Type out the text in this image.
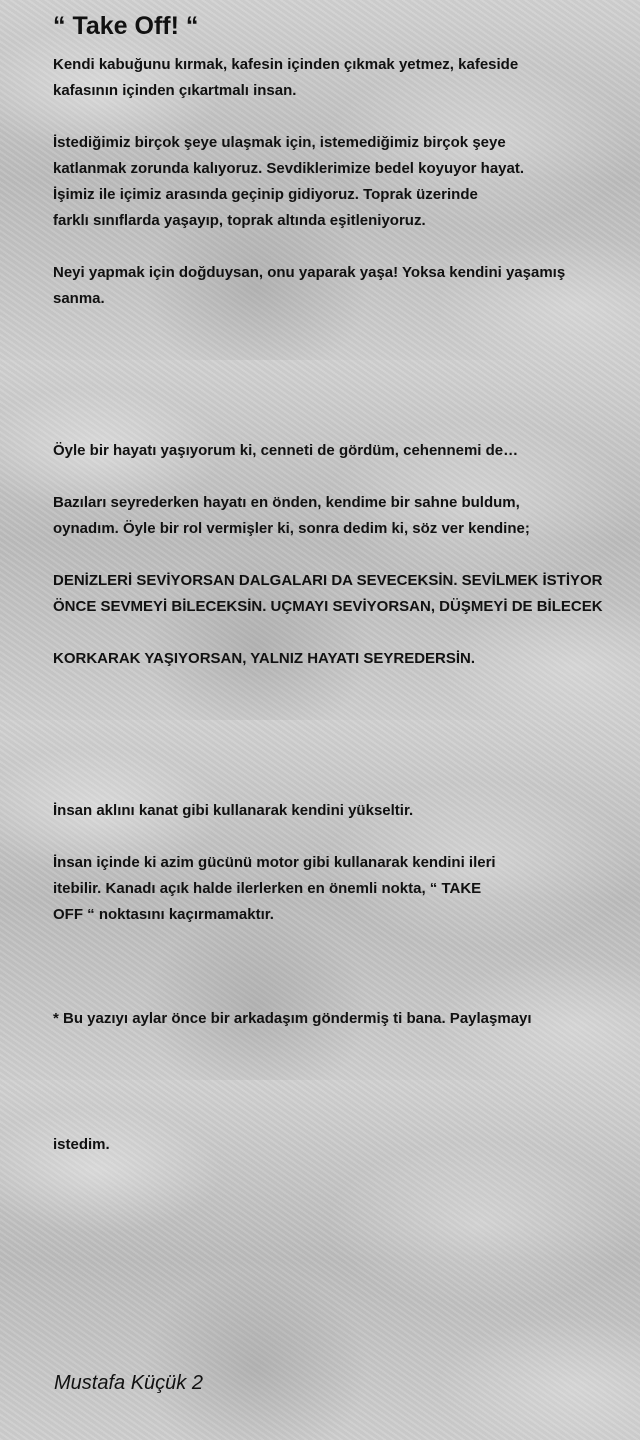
“ Take Off! “

Kendi kabuğunu kırmak, kafesin içinden çıkmak yetmez, kafeside
kafasının içinden çıkartmalı insan.

İstediğimiz birçok şeye ulaşmak için, istemediğimiz birçok şeye
katlanmak zorunda kalıyoruz. Sevdiklerimize bedel koyuyor hayat.
İşimiz ile içimiz arasında geçinip gidiyoruz. Toprak üzerinde
farklı sınıflarda yaşayıp, toprak altında eşitleniyoruz.

Neyi yapmak için doğduysan, onu yaparak yaşa! Yoksa kendini yaşamış
sanma.

Öyle bir hayatı yaşıyorum ki, cenneti de gördüm, cehennemi de…

Bazıları seyrederken hayatı en önden, kendime bir sahne buldum,
oynadım. Öyle bir rol vermişler ki, sonra dedim ki, söz ver kendine;

DENİZLERİ SEVİYORSAN DALGALARI DA SEVECEKSİN. SEVİLMEK İSTİYOR
ÖNCE SEVMEYİ BİLECEKSİN. UÇMAYI SEVİYORSAN, DÜŞMEYİ DE BİLECEK

KORKARAK YAŞIYORSAN, YALNIZ HAYATI SEYREDERSİN.

İnsan aklını kanat gibi kullanarak kendini yükseltir.

İnsan içinde ki azim gücünü motor gibi kullanarak kendini ileri
itebilir. Kanadı açık halde ilerlerken en önemli nokta, “ TAKE
OFF “ noktasını kaçırmamaktır.

* Bu yazıyı aylar önce bir arkadaşım göndermiş ti bana. Paylaşmayı

istedim.

Mustafa Küçük 2
